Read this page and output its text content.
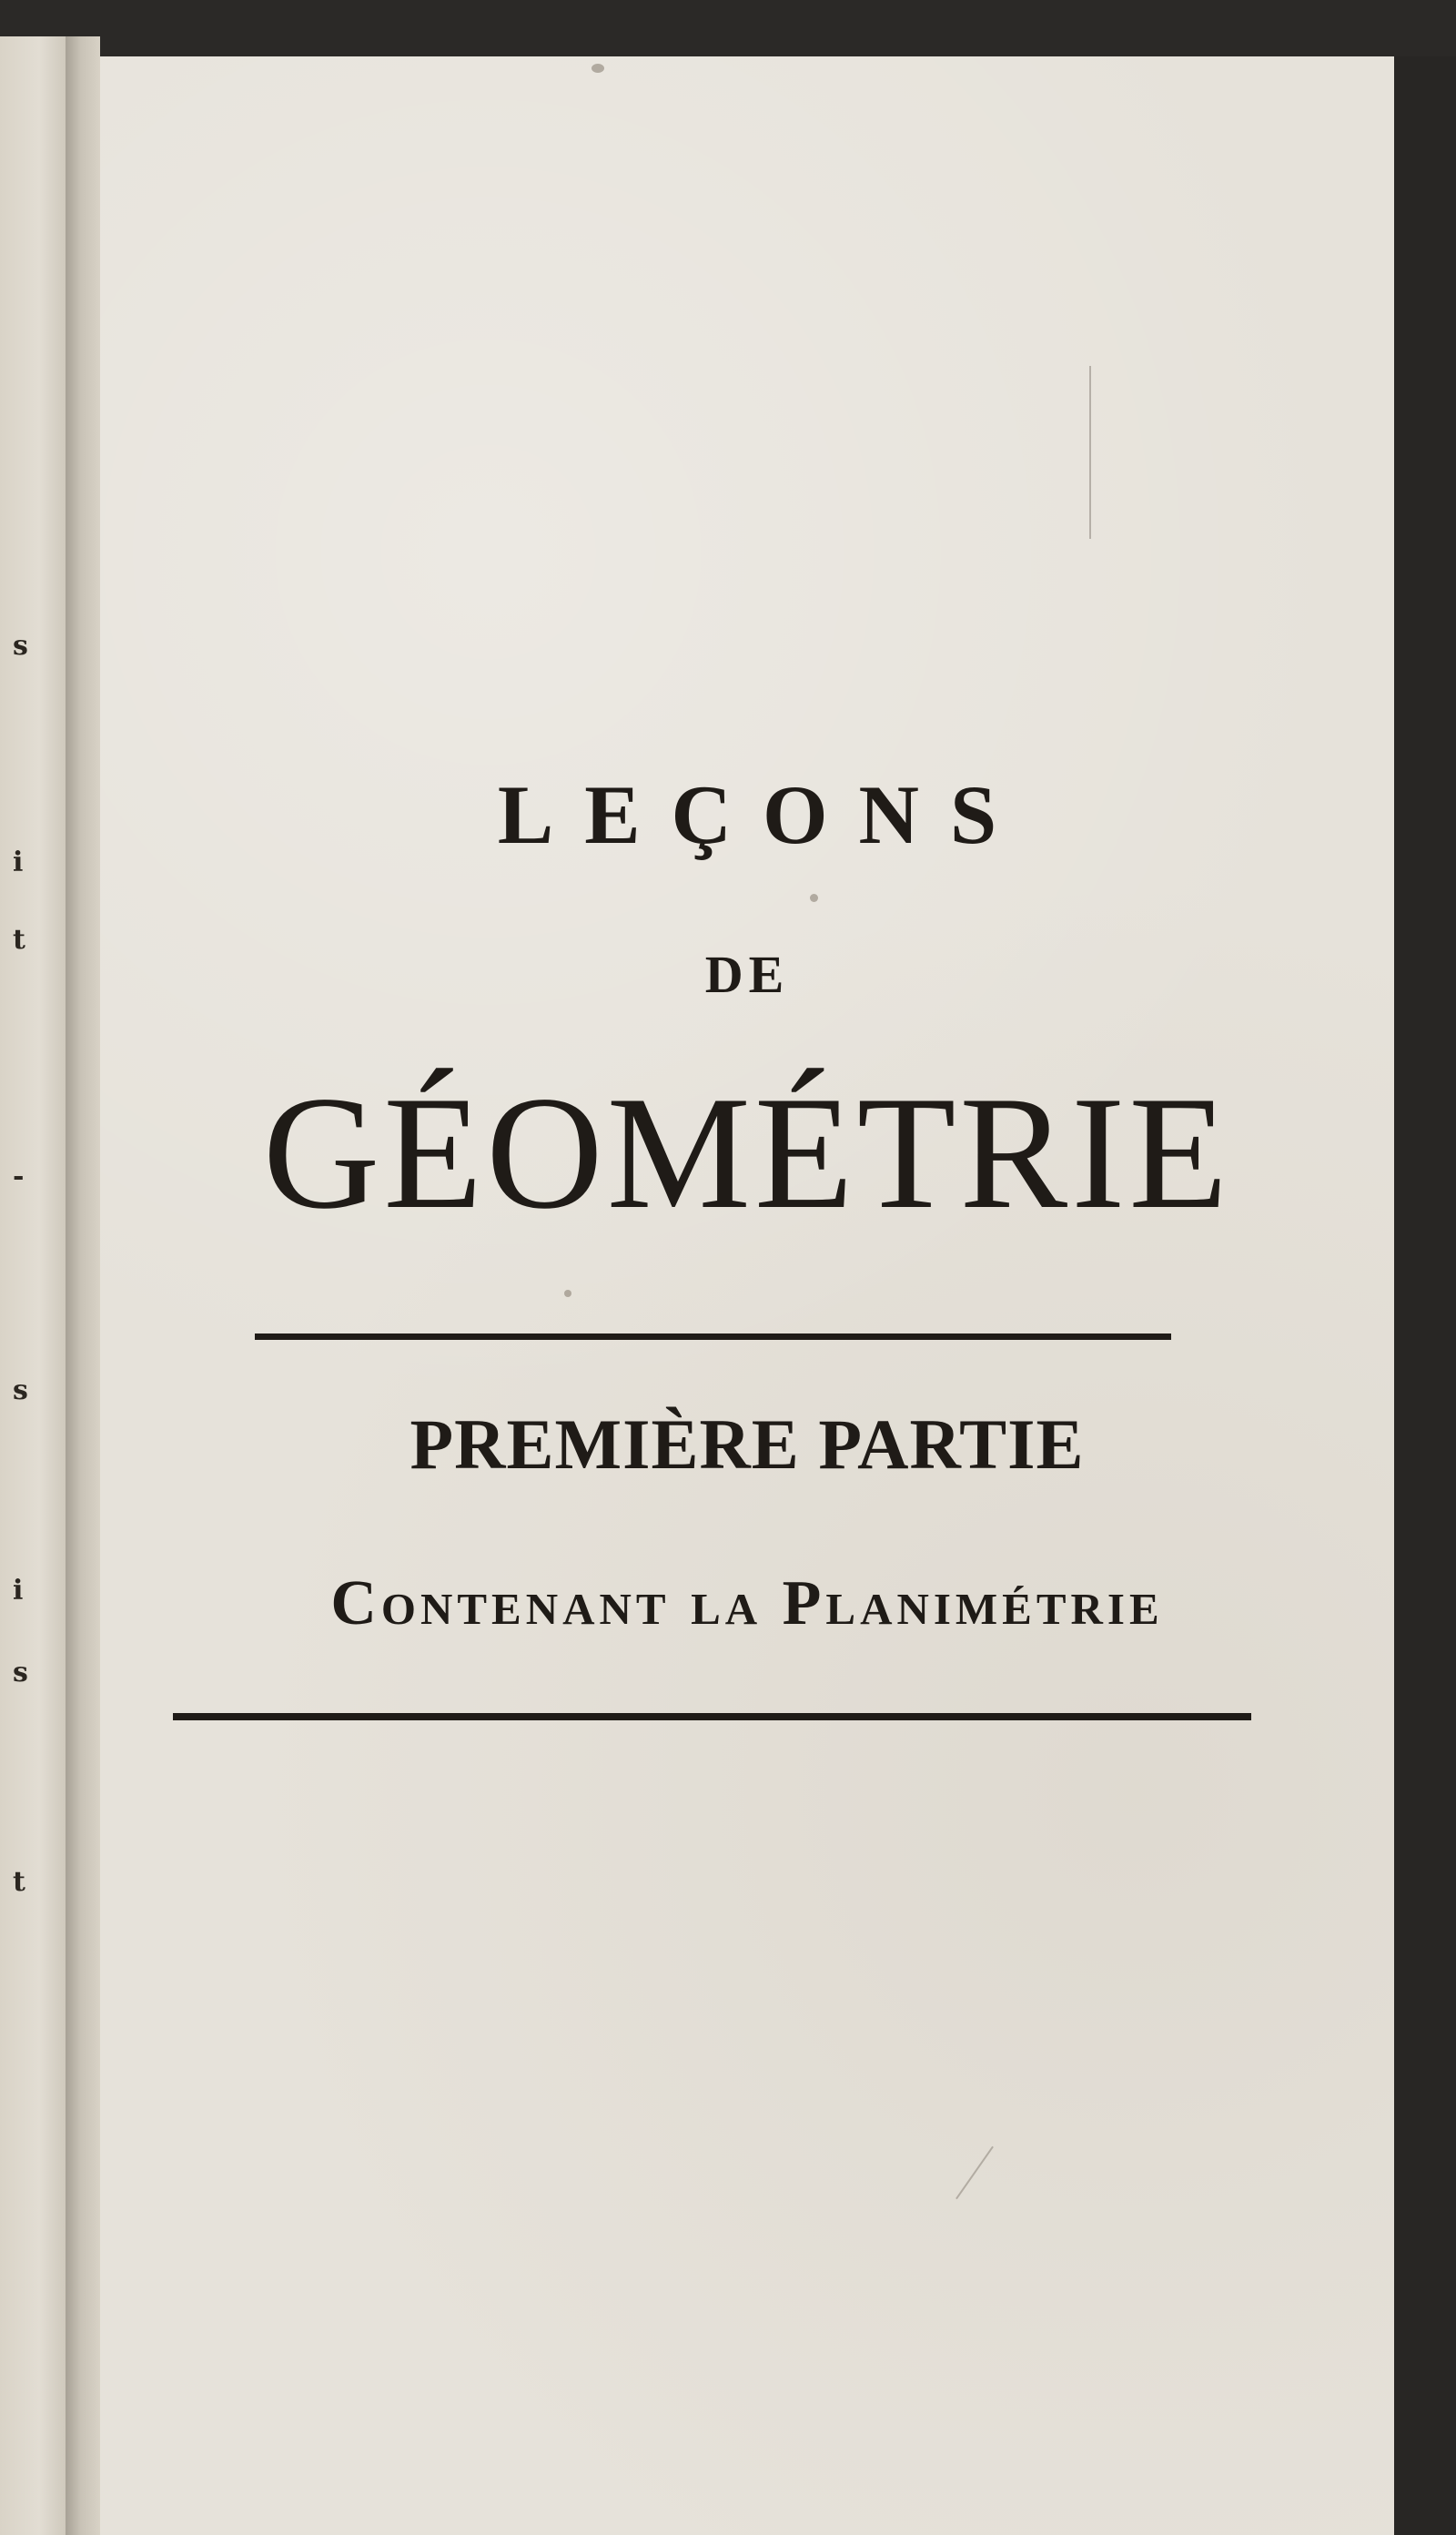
s
i
t
-
s
i
s
t
LEÇONS
DE
GÉOMÉTRIE
PREMIÈRE PARTIE
Contenant la Planimétrie
